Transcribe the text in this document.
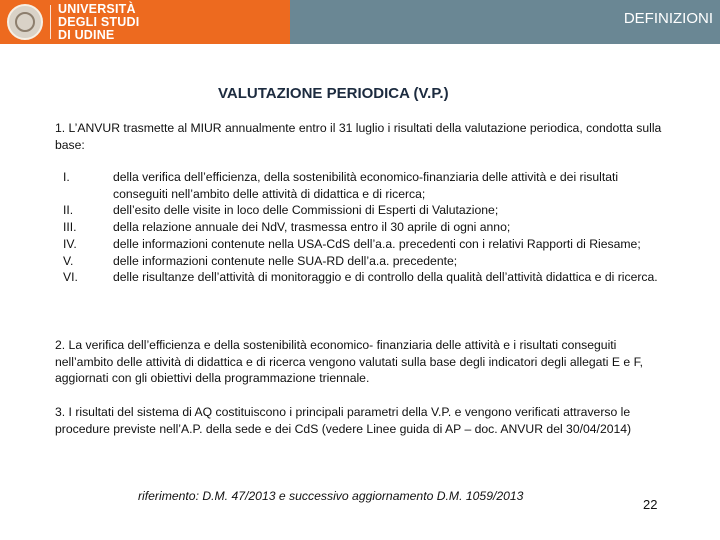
UNIVERSITÀ
DEGLI STUDI
DI UDINE
DEFINIZIONI
VALUTAZIONE PERIODICA (V.P.)

1. L’ANVUR trasmette al MIUR annualmente entro il 31 luglio i risultati della valutazione periodica, condotta sulla base:

I.	della verifica dell’efficienza, della sostenibilità economico-finanziaria delle attività e dei risultati conseguiti nell’ambito delle attività di didattica e di ricerca;
II.	dell’esito delle visite in loco delle Commissioni di Esperti di Valutazione;
III.	della relazione annuale dei NdV, trasmessa entro il 30 aprile di ogni anno;
IV.	delle informazioni contenute nella USA-CdS dell’a.a. precedenti con i relativi Rapporti di Riesame;
V.	delle informazioni contenute nelle SUA-RD dell’a.a. precedente;
VI.	delle risultanze dell’attività di monitoraggio e di controllo della qualità dell’attività didattica e di ricerca.

2. La verifica dell’efficienza e della sostenibilità economico- finanziaria delle attività e i risultati conseguiti nell’ambito delle attività di didattica e di ricerca vengono valutati sulla base degli indicatori degli allegati E e F, aggiornati con gli obiettivi della programmazione triennale.

3. I risultati del sistema di AQ costituiscono i principali parametri della V.P. e vengono verificati attraverso le procedure previste nell’A.P. della sede e dei CdS (vedere Linee guida di AP – doc. ANVUR del 30/04/2014)

riferimento: D.M. 47/2013 e successivo aggiornamento D.M. 1059/2013
22
